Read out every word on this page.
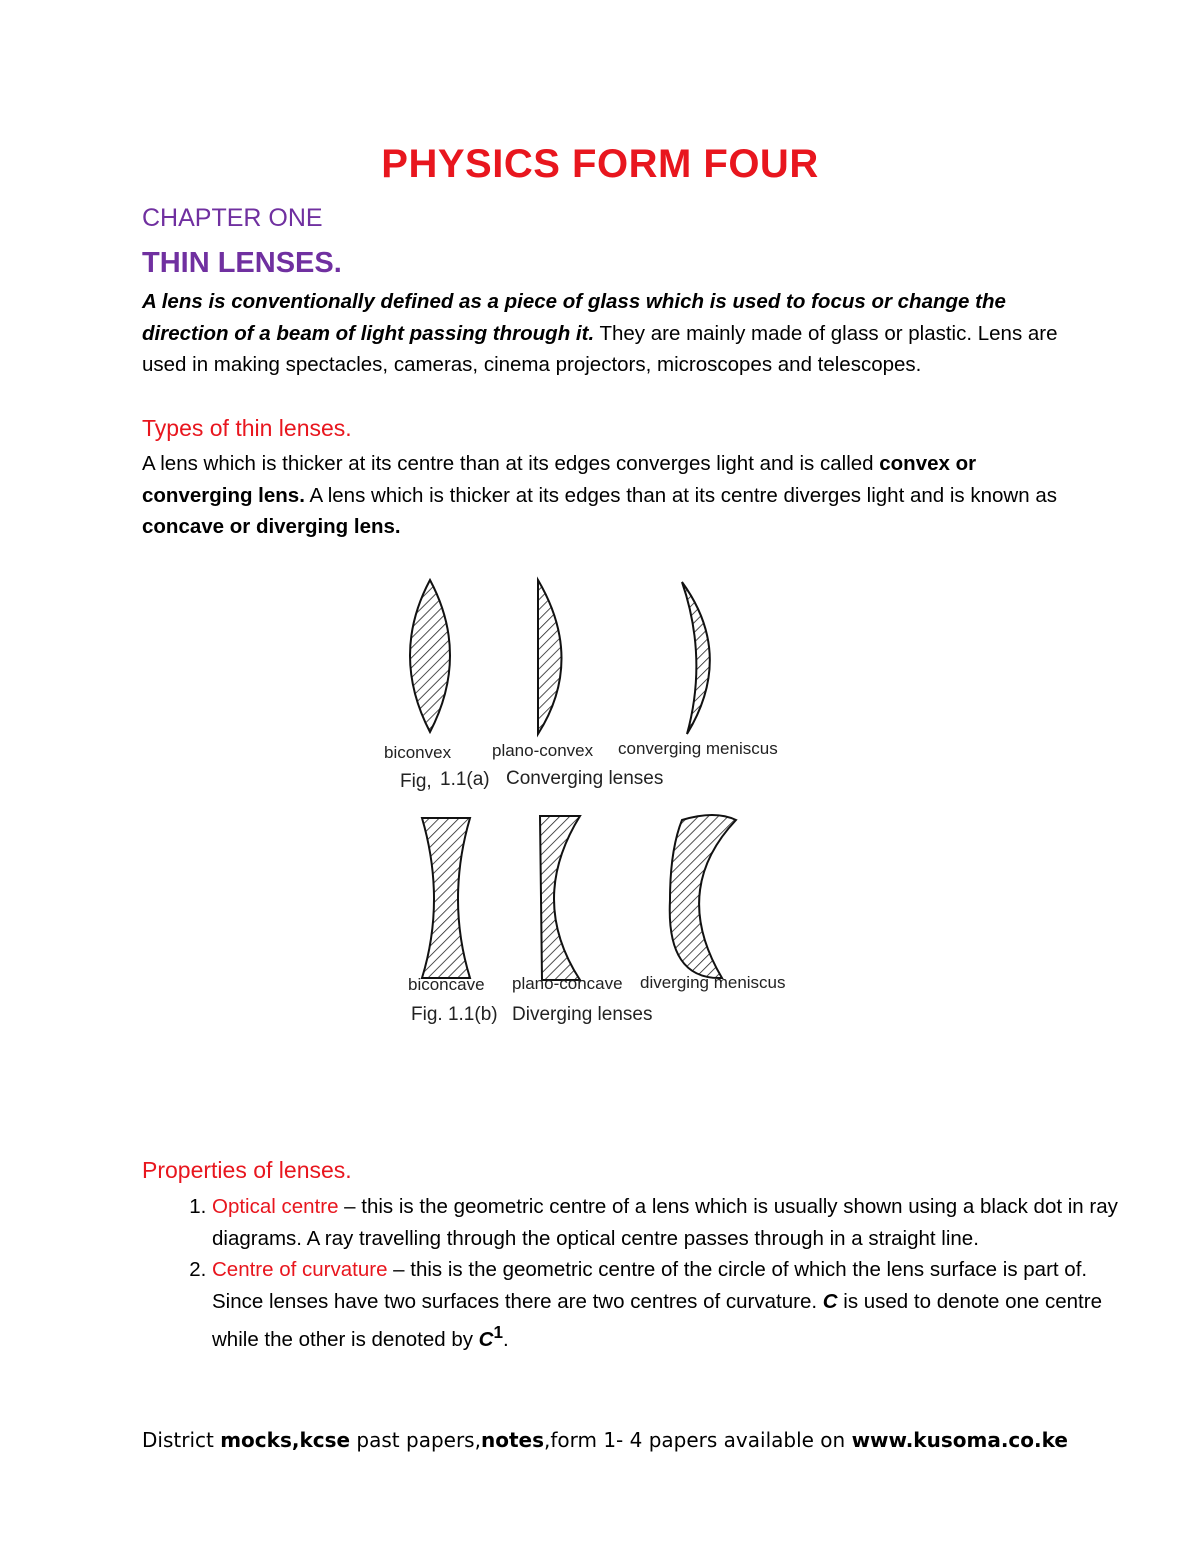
PHYSICS FORM FOUR
CHAPTER ONE
THIN LENSES.
A lens is conventionally defined as a piece of glass which is used to focus or change the direction of a beam of light passing through it. They are mainly made of glass or plastic. Lens are used in making spectacles, cameras, cinema projectors, microscopes and telescopes.
Types of thin lenses.
A lens which is thicker at its centre than at its edges converges light and is called convex or converging lens. A lens which is thicker at its edges than at its centre diverges light and is known as concave or diverging lens.
biconvex plano-convex converging meniscus
Fig, 1.1(a) Converging lenses
biconcave plano-concave diverging meniscus
Fig. 1.1(b) Diverging lenses
Properties of lenses.
1. Optical centre – this is the geometric centre of a lens which is usually shown using a black dot in ray diagrams. A ray travelling through the optical centre passes through in a straight line.
2. Centre of curvature – this is the geometric centre of the circle of which the lens surface is part of. Since lenses have two surfaces there are two centres of curvature. C is used to denote one centre while the other is denoted by $C^1$.
District mocks,kcse past papers,notes,form 1- 4 papers available on www.kusoma.co.ke
